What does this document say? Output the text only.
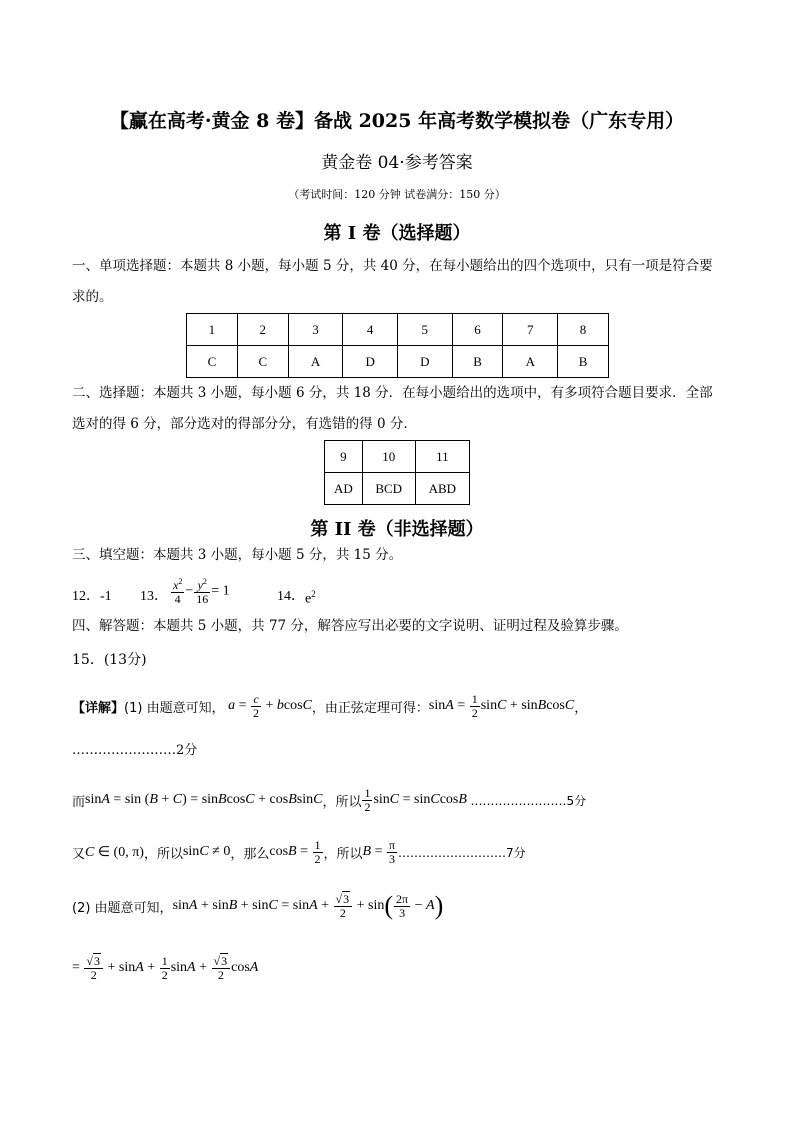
【赢在高考·黄金 8 卷】备战 2025 年高考数学模拟卷（广东专用）
黄金卷 04·参考答案
（考试时间：120 分钟 试卷满分：150 分）
第 I 卷（选择题）
一、单项选择题：本题共 8 小题，每小题 5 分，共 40 分，在每小题给出的四个选项中，只有一项是符合要
求的。
1	2	3	4	5	6	7	8
C	C	A	D	D	B	A	B
二、选择题：本题共 3 小题，每小题 6 分，共 18 分．在每小题给出的选项中，有多项符合题目要求．全部
选对的得 6 分，部分选对的得部分分，有选错的得 0 分．
9	10	11
AD	BCD	ABD
第 II 卷（非选择题）
三、填空题：本题共 3 小题，每小题 5 分，共 15 分。
12． -1 13． $\frac{x^2}{4} - \frac{y^2}{16} = 1$	14． $e^2$
四、解答题：本题共 5 小题，共 77 分，解答应写出必要的文字说明、证明过程及验算步骤。
15．(13分)
【详解】 (1) 由题意可知， $a = \frac{c}{2} + bcosC$ ，由正弦定理可得： $\sin A = \frac{1}{2}$ sinC + sinBcosC ，
……………………2分
而 sinA = sin (B + C) = sinBcosC + cosBsinC ，所以 $\frac{1}{2}$ sinC = sinCcosB ……………………5分
又 C ∈ (0, π) ，所以 sinC ≠ 0 ，那么 $\cos B = \frac{1}{2}$ ，所以 $B = \frac{\pi}{3}$ ………………………7分
(2) 由题意可知， $\sin A + \sin B + \sin C = \sin A + \frac{√3}{2} + \sin$ ( $\frac{2\pi}{3} - A$ )
= $\frac{√3}{2} + \sin A + \frac{1}{2}$ $\sin A + \frac{√3}{2}$ cosA
